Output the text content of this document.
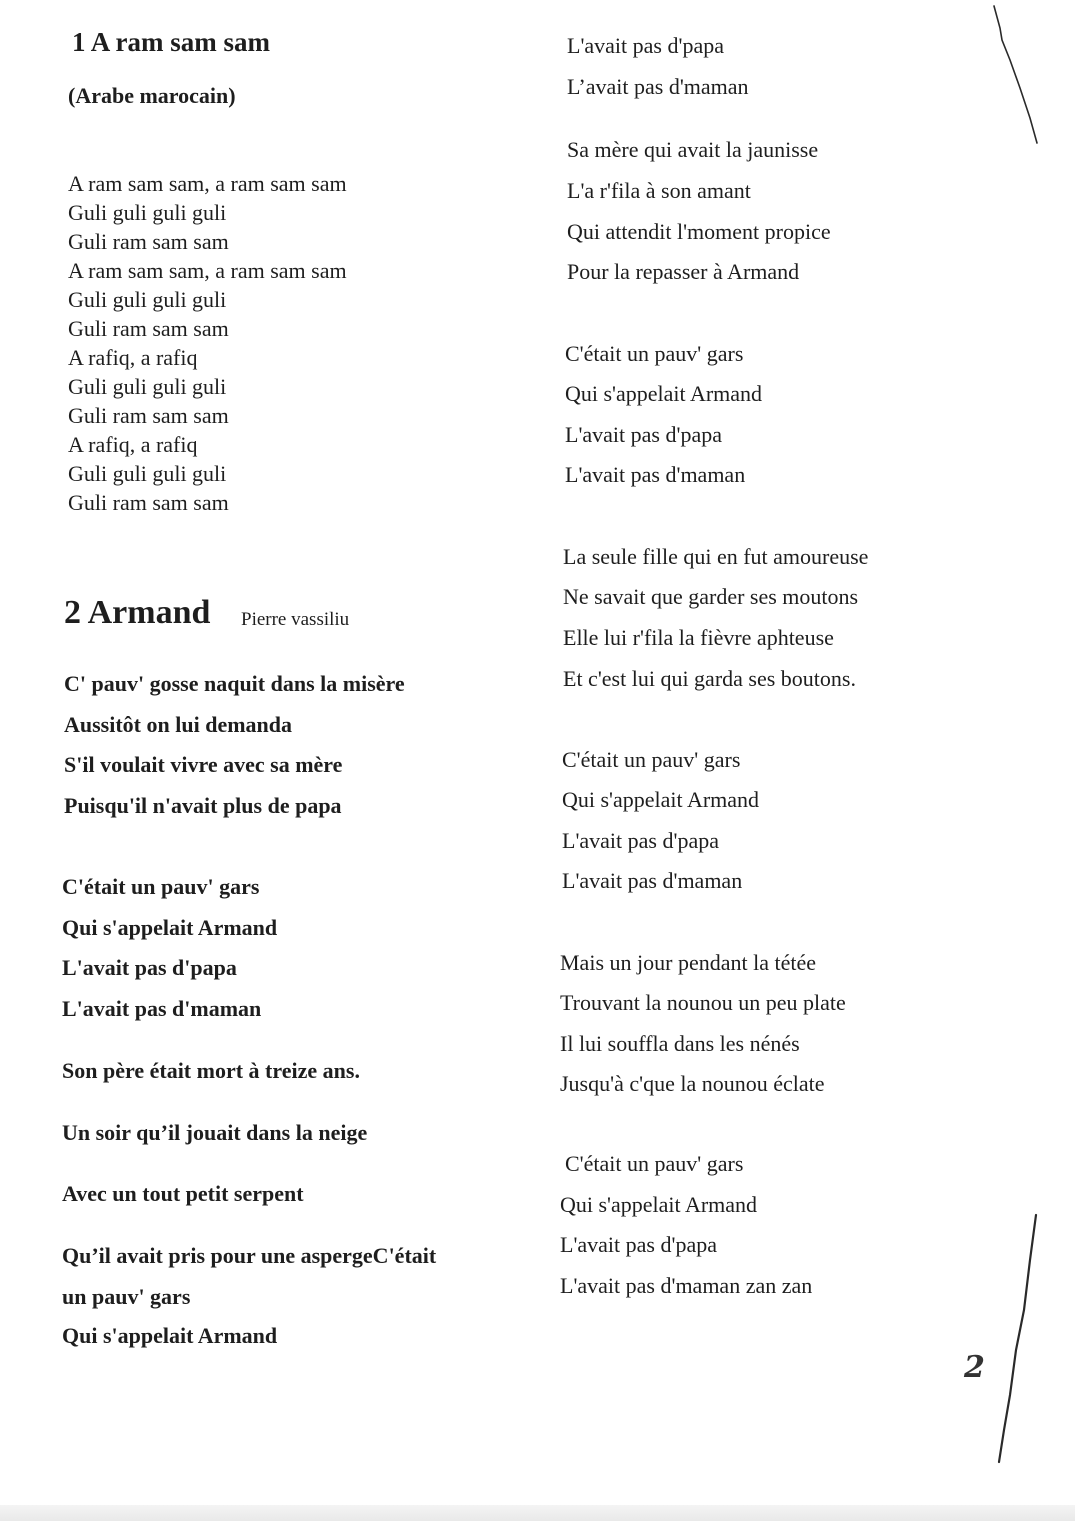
1 A ram sam sam
(Arabe marocain)
A ram sam sam, a ram sam sam
Guli guli guli guli
Guli ram sam sam
A ram sam sam, a ram sam sam
Guli guli guli guli
Guli ram sam sam
A rafiq, a rafiq
Guli guli guli guli
Guli ram sam sam
A rafiq, a rafiq
Guli guli guli guli
Guli ram sam sam
2 Armand Pierre vassiliu
C' pauv' gosse naquit dans la misère
Aussitôt on lui demanda
S'il voulait vivre avec sa mère
Puisqu'il n'avait plus de papa
C'était un pauv' gars
Qui s'appelait Armand
L'avait pas d'papa
L'avait pas d'maman
Son père était mort à treize ans.
Un soir qu’il jouait dans la neige
Avec un tout petit serpent
Qu’il avait pris pour une aspergeC'était
un pauv' gars
Qui s'appelait Armand
L'avait pas d'papa
L’avait pas d'maman
Sa mère qui avait la jaunisse
L'a r'fila à son amant
Qui attendit l'moment propice
Pour la repasser à Armand
C'était un pauv' gars
Qui s'appelait Armand
L'avait pas d'papa
L'avait pas d'maman
La seule fille qui en fut amoureuse
Ne savait que garder ses moutons
Elle lui r'fila la fièvre aphteuse
Et c'est lui qui garda ses boutons.
C'était un pauv' gars
Qui s'appelait Armand
L'avait pas d'papa
L'avait pas d'maman
Mais un jour pendant la tétée
Trouvant la nounou un peu plate
Il lui souffla dans les nénés
Jusqu'à c'que la nounou éclate
C'était un pauv' gars
Qui s'appelait Armand
L'avait pas d'papa
L'avait pas d'maman zan zan
2
